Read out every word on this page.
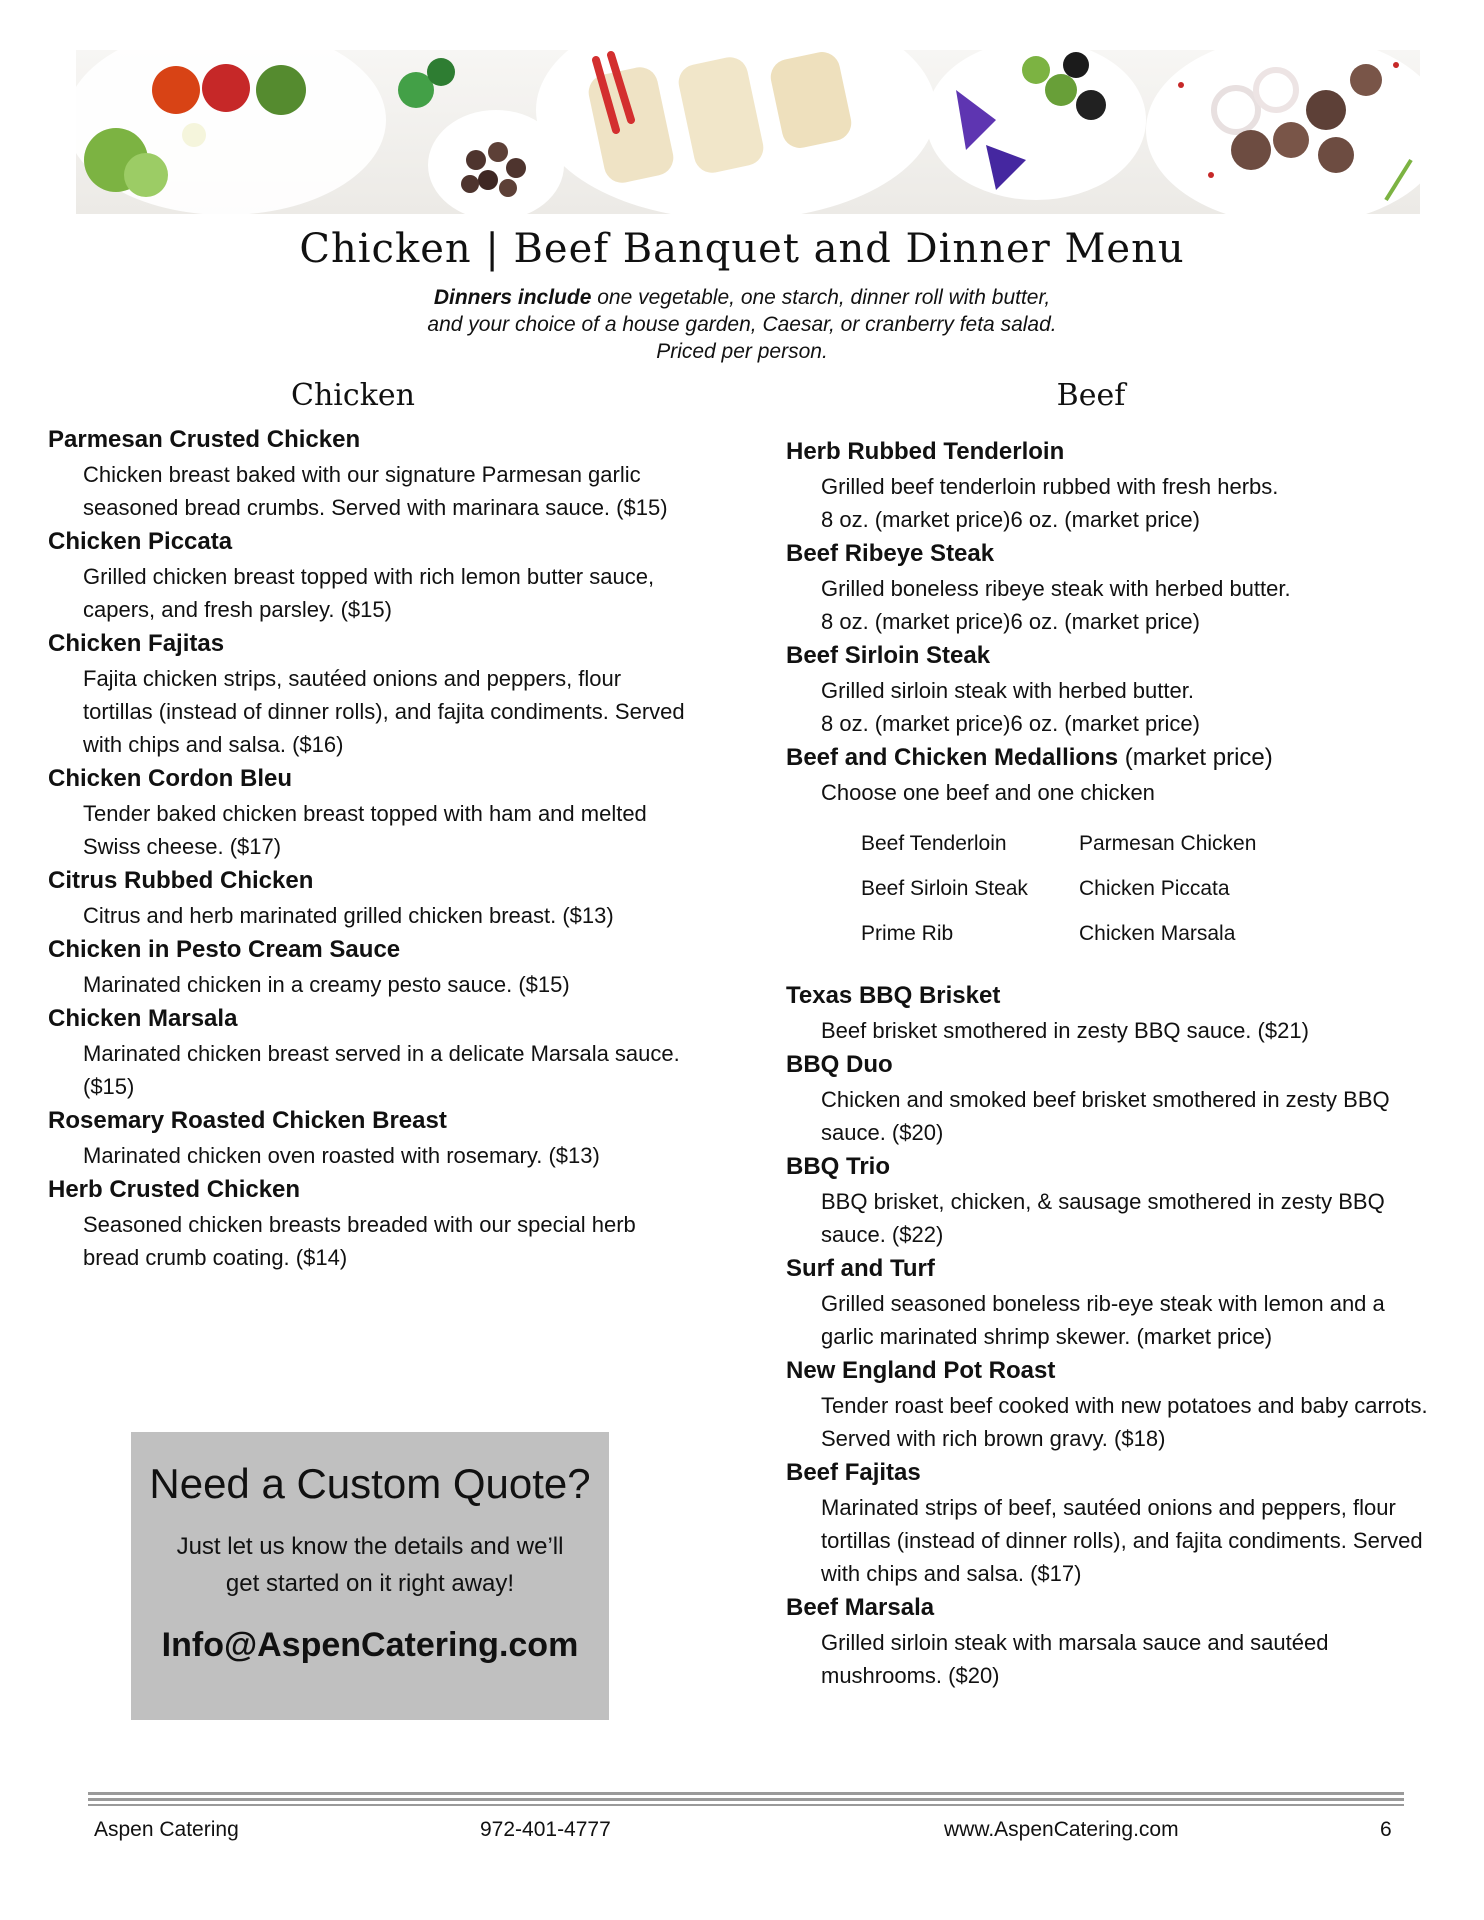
Chicken | Beef Banquet and Dinner Menu
Dinners include one vegetable, one starch, dinner roll with butter,
and your choice of a house garden, Caesar, or cranberry feta salad.
Priced per person.
Chicken
Parmesan Crusted Chicken
Chicken breast baked with our signature Parmesan garlic seasoned bread crumbs. Served with marinara sauce. ($15)
Chicken Piccata
Grilled chicken breast topped with rich lemon butter sauce, capers, and fresh parsley. ($15)
Chicken Fajitas
Fajita chicken strips, sautéed onions and peppers, flour tortillas (instead of dinner rolls), and fajita condiments. Served with chips and salsa. ($16)
Chicken Cordon Bleu
Tender baked chicken breast topped with ham and melted Swiss cheese. ($17)
Citrus Rubbed Chicken
Citrus and herb marinated grilled chicken breast. ($13)
Chicken in Pesto Cream Sauce
Marinated chicken in a creamy pesto sauce. ($15)
Chicken Marsala
Marinated chicken breast served in a delicate Marsala sauce. ($15)
Rosemary Roasted Chicken Breast
Marinated chicken oven roasted with rosemary. ($13)
Herb Crusted Chicken
Seasoned chicken breasts breaded with our special herb bread crumb coating. ($14)
Beef
Herb Rubbed Tenderloin
Grilled beef tenderloin rubbed with fresh herbs.
8 oz. (market price)6 oz. (market price)
Beef Ribeye Steak
Grilled boneless ribeye steak with herbed butter.
8 oz. (market price)6 oz. (market price)
Beef Sirloin Steak
Grilled sirloin steak with herbed butter.
8 oz. (market price)6 oz. (market price)
Beef and Chicken Medallions (market price)
Choose one beef and one chicken
Beef Tenderloin	Parmesan Chicken
Beef Sirloin Steak	Chicken Piccata
Prime Rib	Chicken Marsala
Texas BBQ Brisket
Beef brisket smothered in zesty BBQ sauce. ($21)
BBQ Duo
Chicken and smoked beef brisket smothered in zesty BBQ sauce. ($20)
BBQ Trio
BBQ brisket, chicken, & sausage smothered in zesty BBQ sauce. ($22)
Surf and Turf
Grilled seasoned boneless rib-eye steak with lemon and a garlic marinated shrimp skewer. (market price)
New England Pot Roast
Tender roast beef cooked with new potatoes and baby carrots. Served with rich brown gravy. ($18)
Beef Fajitas
Marinated strips of beef, sautéed onions and peppers, flour tortillas (instead of dinner rolls), and fajita condiments. Served with chips and salsa. ($17)
Beef Marsala
Grilled sirloin steak with marsala sauce and sautéed mushrooms. ($20)
Need a Custom Quote?
Just let us know the details and we’ll
get started on it right away!
Info@AspenCatering.com
Aspen Catering	972-401-4777	www.AspenCatering.com	6
